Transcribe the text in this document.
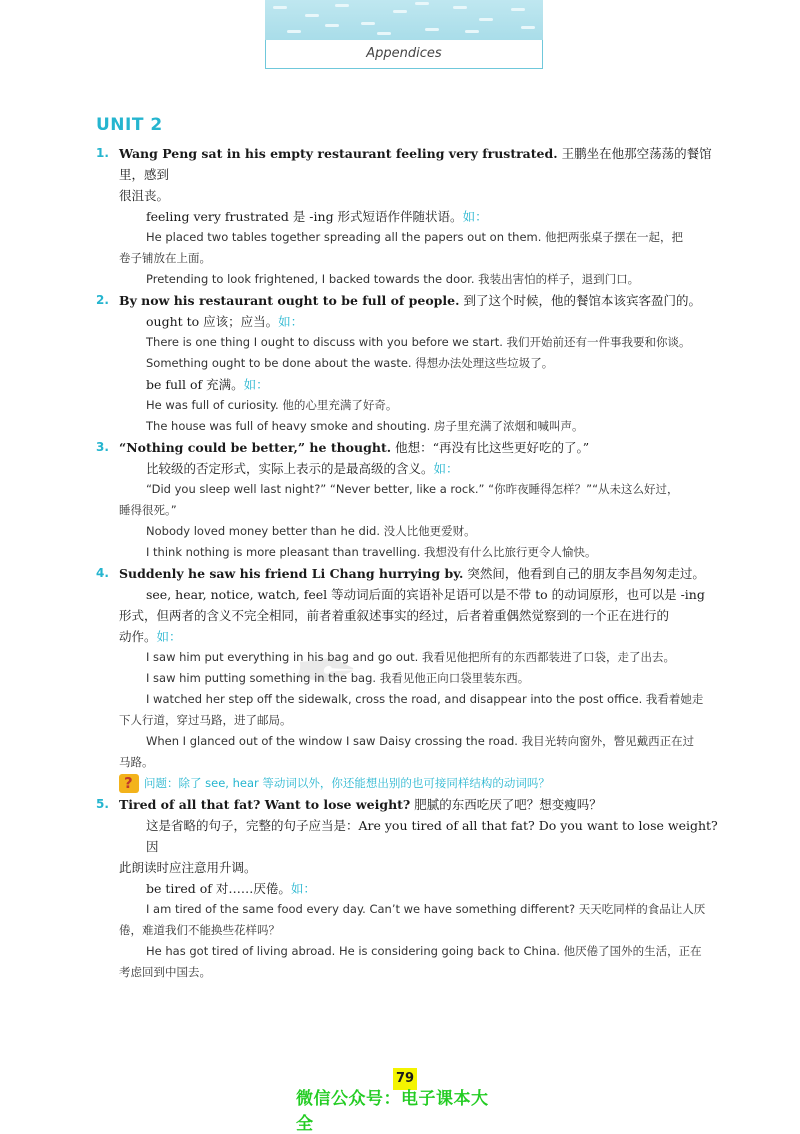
Appendices
UNIT 2
✒
1. Wang Peng sat in his empty restaurant feeling very frustrated. 王鹏坐在他那空荡荡的餐馆里，感到
很沮丧。
feeling very frustrated 是 -ing 形式短语作伴随状语。如：
He placed two tables together spreading all the papers out on them. 他把两张桌子摆在一起，把
卷子铺放在上面。
Pretending to look frightened, I backed towards the door. 我装出害怕的样子，退到门口。
2. By now his restaurant ought to be full of people. 到了这个时候，他的餐馆本该宾客盈门的。
ought to 应该；应当。如：
There is one thing I ought to discuss with you before we start. 我们开始前还有一件事我要和你谈。
Something ought to be done about the waste. 得想办法处理这些垃圾了。
be full of 充满。如：
He was full of curiosity. 他的心里充满了好奇。
The house was full of heavy smoke and shouting. 房子里充满了浓烟和喊叫声。
3. “Nothing could be better,” he thought. 他想：“再没有比这些更好吃的了。”
比较级的否定形式，实际上表示的是最高级的含义。如：
“Did you sleep well last night?” “Never better, like a rock.” “你昨夜睡得怎样？”“从未这么好过，
睡得很死。”
Nobody loved money better than he did. 没人比他更爱财。
I think nothing is more pleasant than travelling. 我想没有什么比旅行更令人愉快。
4. Suddenly he saw his friend Li Chang hurrying by. 突然间，他看到自己的朋友李昌匆匆走过。
see, hear, notice, watch, feel 等动词后面的宾语补足语可以是不带 to 的动词原形，也可以是 -ing
形式，但两者的含义不完全相同，前者着重叙述事实的经过，后者着重偶然觉察到的一个正在进行的
动作。如：
I saw him put everything in his bag and go out. 我看见他把所有的东西都装进了口袋，走了出去。
I saw him putting something in the bag. 我看见他正向口袋里装东西。
I watched her step off the sidewalk, cross the road, and disappear into the post office. 我看着她走
下人行道，穿过马路，进了邮局。
When I glanced out of the window I saw Daisy crossing the road. 我目光转向窗外，瞥见戴西正在过
马路。
?
问题：除了 see, hear 等动词以外，你还能想出别的也可接同样结构的动词吗？
5. Tired of all that fat? Want to lose weight? 肥腻的东西吃厌了吧？想变瘦吗？
这是省略的句子，完整的句子应当是：Are you tired of all that fat? Do you want to lose weight? 因
此朗读时应注意用升调。
be tired of 对……厌倦。如：
I am tired of the same food every day. Can’t we have something different? 天天吃同样的食品让人厌
倦，难道我们不能换些花样吗？
He has got tired of living abroad. He is considering going back to China. 他厌倦了国外的生活，正在
考虑回到中国去。
79
微信公众号：电子课本大全
